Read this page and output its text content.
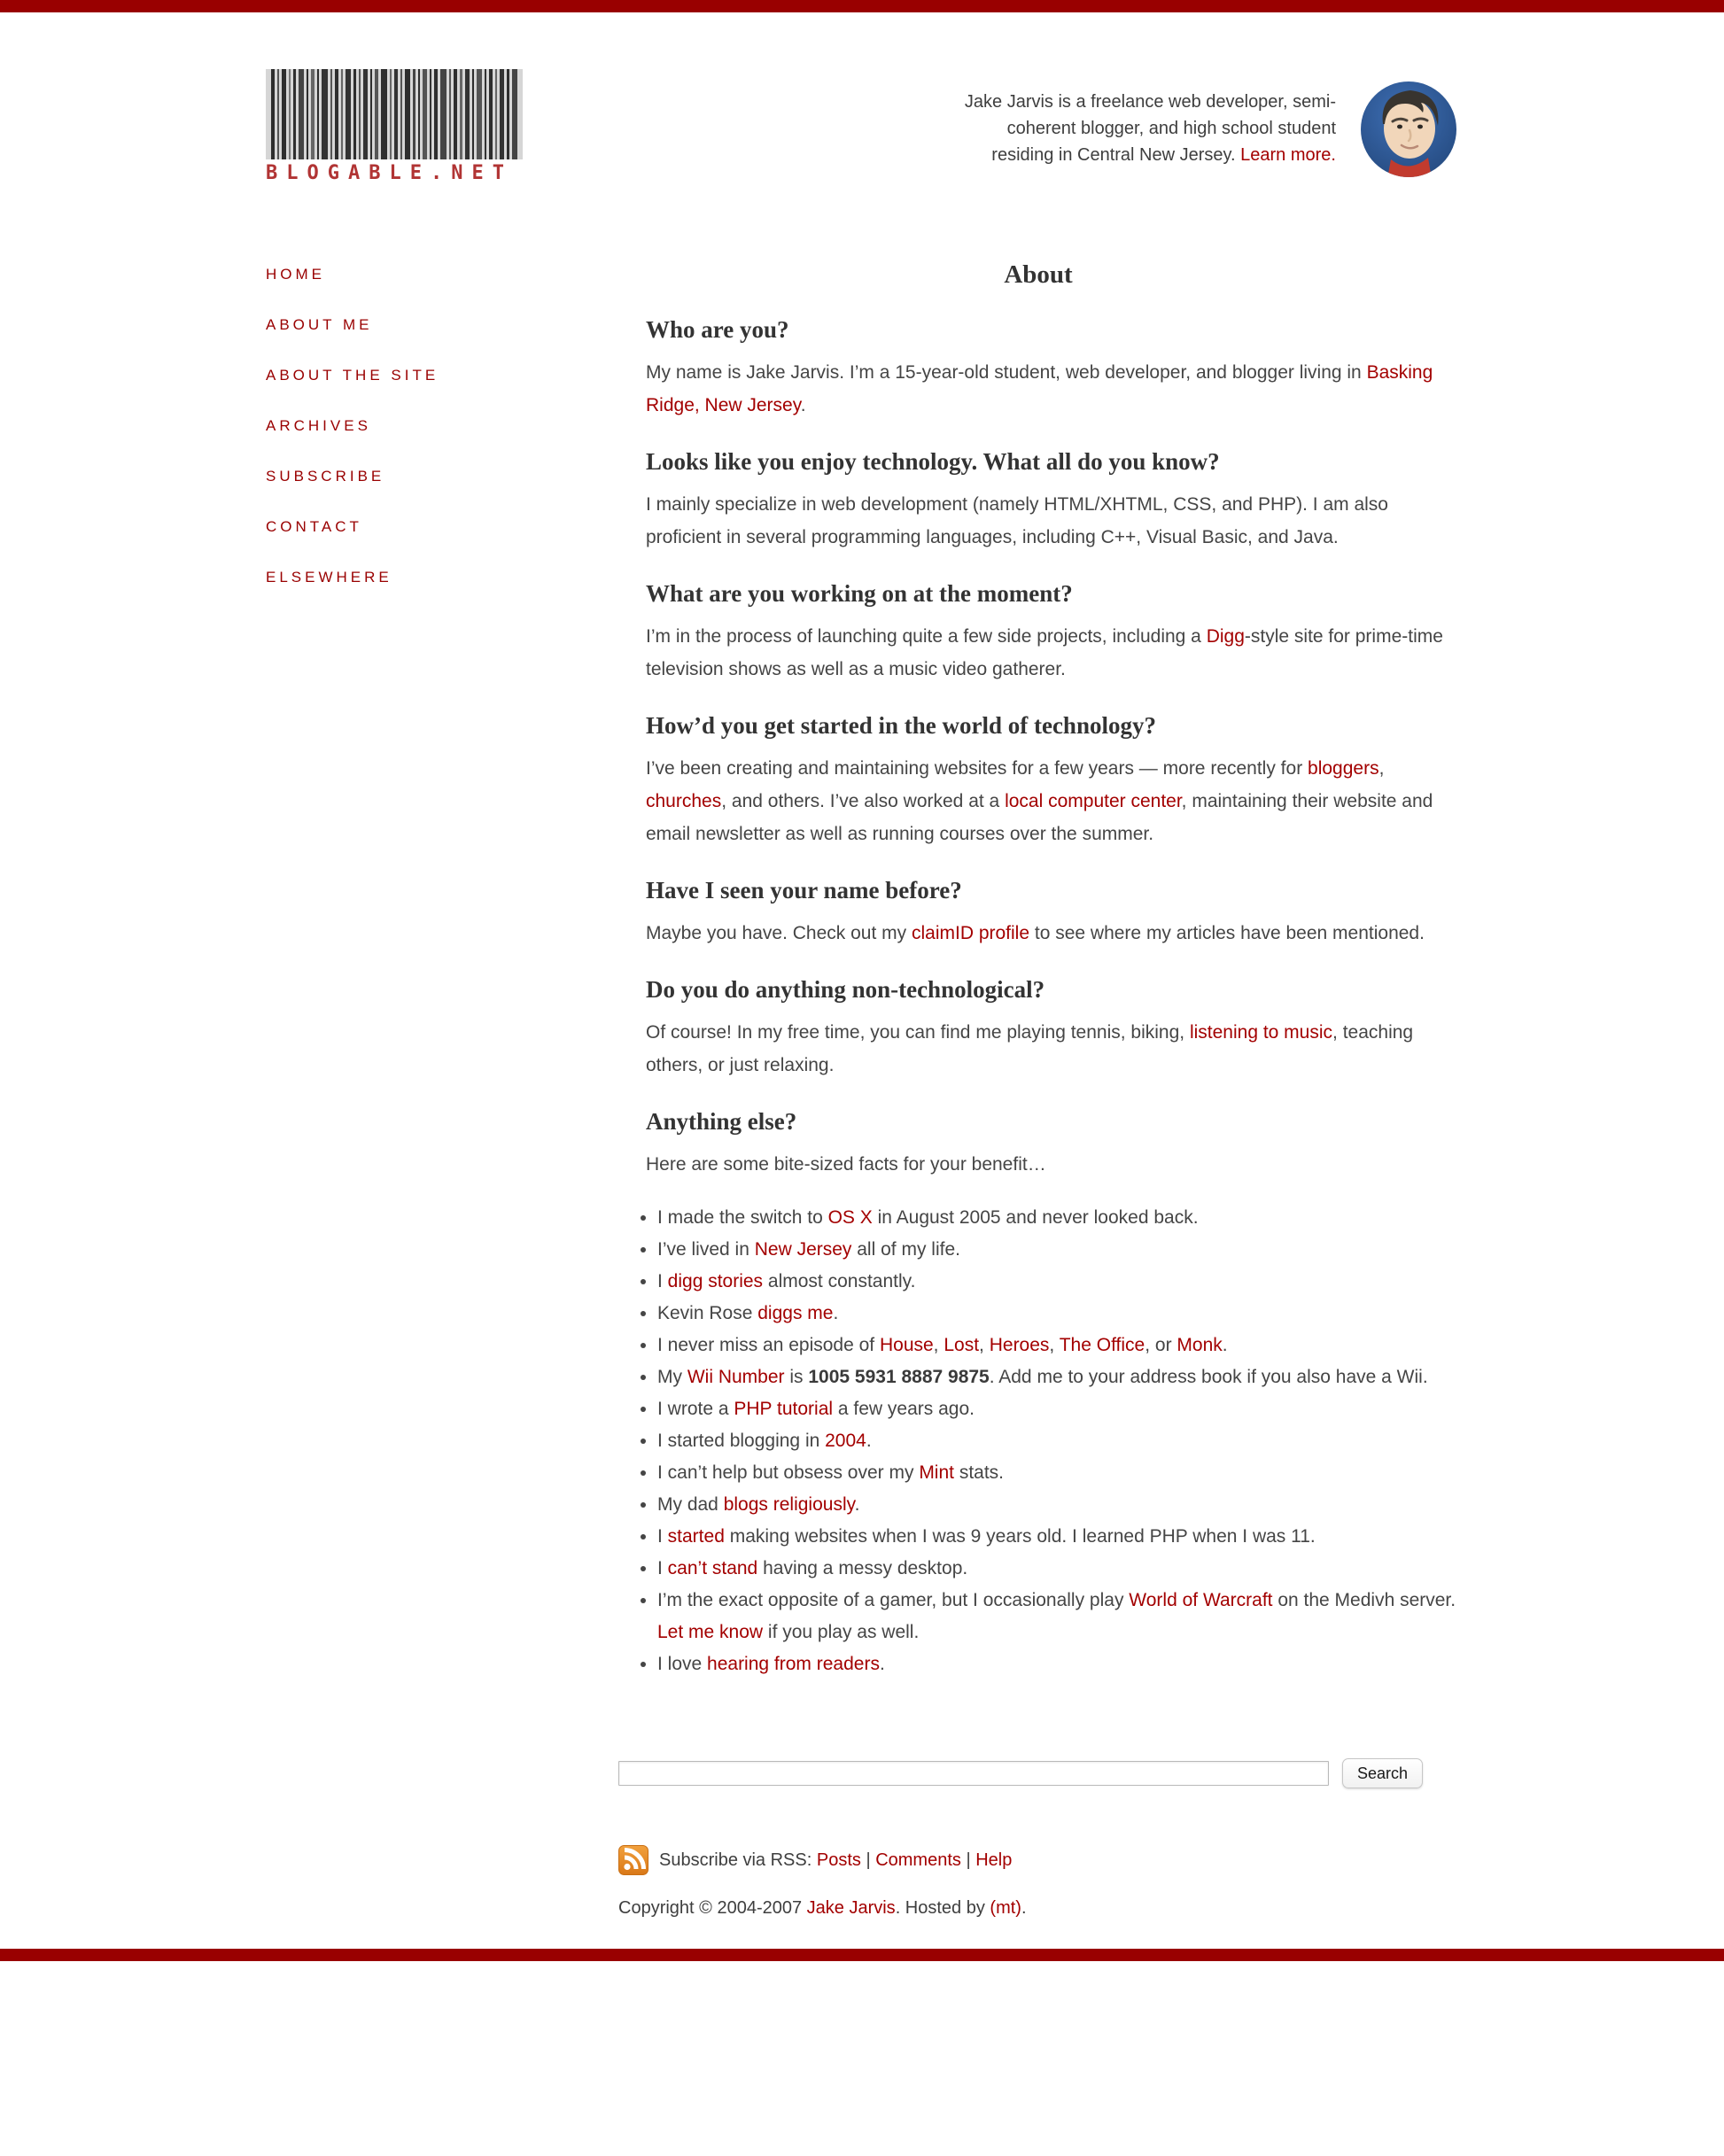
BLOGABLE.NET

Jake Jarvis is a freelance web developer, semi-
coherent blogger, and high school student
residing in Central New Jersey. Learn more.

HOME
ABOUT ME
ABOUT THE SITE
ARCHIVES
SUBSCRIBE
CONTACT
ELSEWHERE
About
Who are you?

My name is Jake Jarvis. I’m a 15-year-old student, web developer, and blogger living in Basking Ridge, New Jersey.

Looks like you enjoy technology. What all do you know?

I mainly specialize in web development (namely HTML/XHTML, CSS, and PHP). I am also proficient in several programming languages, including C++, Visual Basic, and Java.

What are you working on at the moment?

I’m in the process of launching quite a few side projects, including a Digg-style site for prime-time television shows as well as a music video gatherer.

How’d you get started in the world of technology?

I’ve been creating and maintaining websites for a few years — more recently for bloggers, churches, and others. I’ve also worked at a local computer center, maintaining their website and email newsletter as well as running courses over the summer.

Have I seen your name before?

Maybe you have. Check out my claimID profile to see where my articles have been mentioned.

Do you do anything non-technological?

Of course! In my free time, you can find me playing tennis, biking, listening to music, teaching others, or just relaxing.

Anything else?

Here are some bite-sized facts for your benefit…

• I made the switch to OS X in August 2005 and never looked back.
• I’ve lived in New Jersey all of my life.
• I digg stories almost constantly.
• Kevin Rose diggs me.
• I never miss an episode of House, Lost, Heroes, The Office, or Monk.
• My Wii Number is 1005 5931 8887 9875. Add me to your address book if you also have a Wii.
• I wrote a PHP tutorial a few years ago.
• I started blogging in 2004.
• I can’t help but obsess over my Mint stats.
• My dad blogs religiously.
• I started making websites when I was 9 years old. I learned PHP when I was 11.
• I can’t stand having a messy desktop.
• I’m the exact opposite of a gamer, but I occasionally play World of Warcraft on the Medivh server. Let me know if you play as well.
• I love hearing from readers.
Search
Subscribe via RSS: Posts | Comments | Help

Copyright © 2004-2007 Jake Jarvis. Hosted by (mt).
